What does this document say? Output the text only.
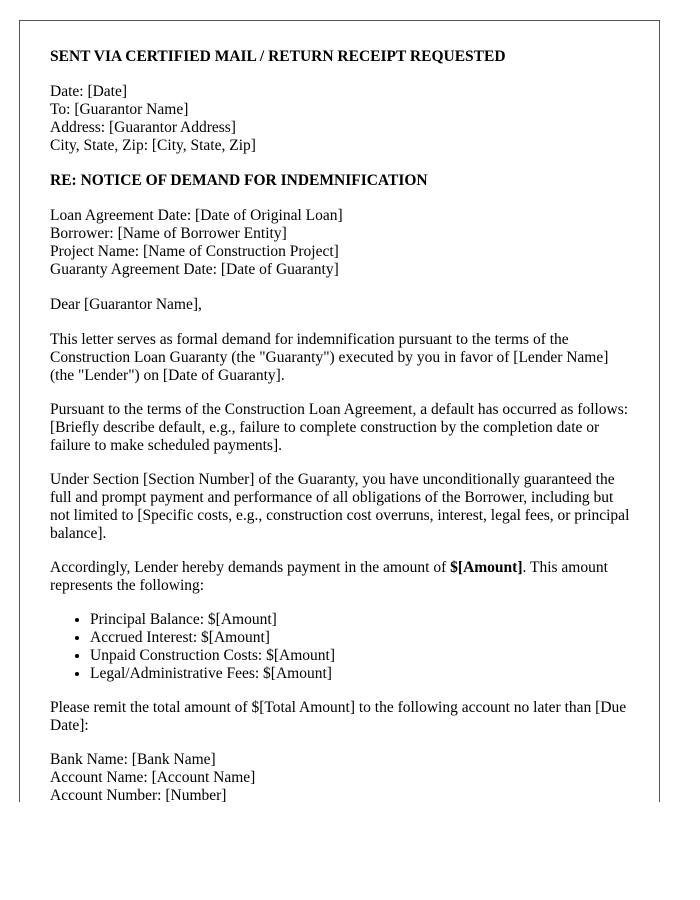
SENT VIA CERTIFIED MAIL / RETURN RECEIPT REQUESTED

Date: [Date]

To: [Guarantor Name]

Address: [Guarantor Address]

City, State, Zip: [City, State, Zip]

RE: NOTICE OF DEMAND FOR INDEMNIFICATION

Loan Agreement Date: [Date of Original Loan]

Borrower: [Name of Borrower Entity]

Project Name: [Name of Construction Project]

Guaranty Agreement Date: [Date of Guaranty]

Dear [Guarantor Name],

This letter serves as formal demand for indemnification pursuant to the terms of the Construction Loan Guaranty (the "Guaranty") executed by you in favor of [Lender Name] (the "Lender") on [Date of Guaranty].

Pursuant to the terms of the Construction Loan Agreement, a default has occurred as follows: [Briefly describe default, e.g., failure to complete construction by the completion date or failure to make scheduled payments].

Under Section [Section Number] of the Guaranty, you have unconditionally guaranteed the full and prompt payment and performance of all obligations of the Borrower, including but not limited to [Specific costs, e.g., construction cost overruns, interest, legal fees, or principal balance].

Accordingly, Lender hereby demands payment in the amount of $[Amount]. This amount represents the following:

• Principal Balance: $[Amount]
• Accrued Interest: $[Amount]
• Unpaid Construction Costs: $[Amount]
• Legal/Administrative Fees: $[Amount]

Please remit the total amount of $[Total Amount] to the following account no later than [Due Date]:

Bank Name: [Bank Name]

Account Name: [Account Name]

Account Number: [Number]
